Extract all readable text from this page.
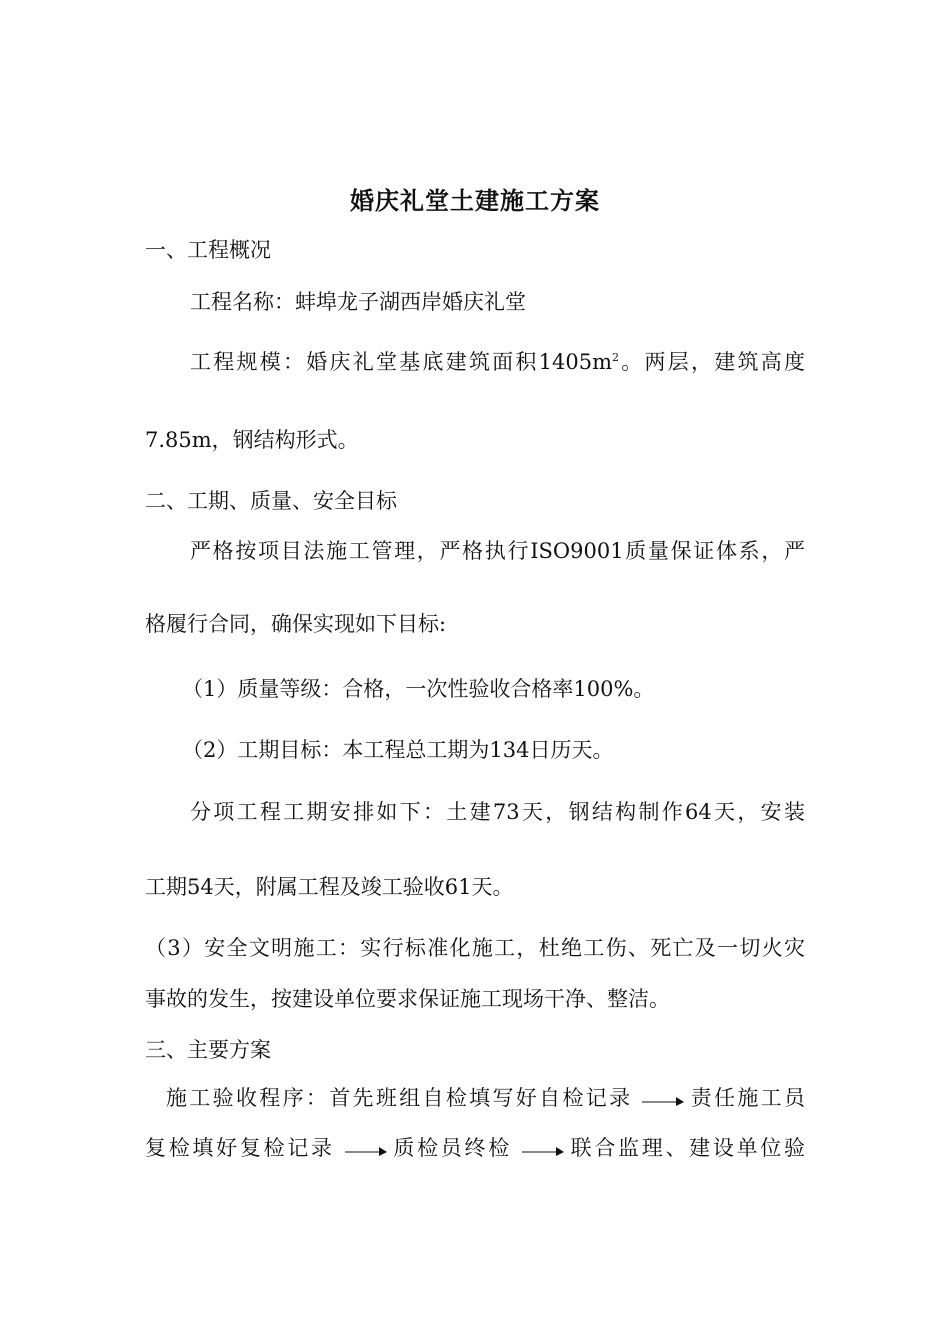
婚庆礼堂土建施工方案
一、工程概况
工程名称：蚌埠龙子湖西岸婚庆礼堂
工程规模：婚庆礼堂基底建筑面积$1405m^2$。两层，建筑高度
7.85m，钢结构形式。
二、工期、质量、安全目标
严格按项目法施工管理，严格执行ISO9001质量保证体系，严
格履行合同，确保实现如下目标:
（1）质量等级：合格，一次性验收合格率100%。
（2）工期目标：本工程总工期为134日历天。
分项工程工期安排如下：土建73天，钢结构制作64天，安装
工期54天，附属工程及竣工验收61天。
（3）安全文明施工：实行标准化施工，杜绝工伤、死亡及一切火灾
事故的发生，按建设单位要求保证施工现场干净、整洁。
三、主要方案
施工验收程序：首先班组自检填写好自检记录	责任施工员
复检填好复检记录	质检员终检	联合监理、建设单位验
